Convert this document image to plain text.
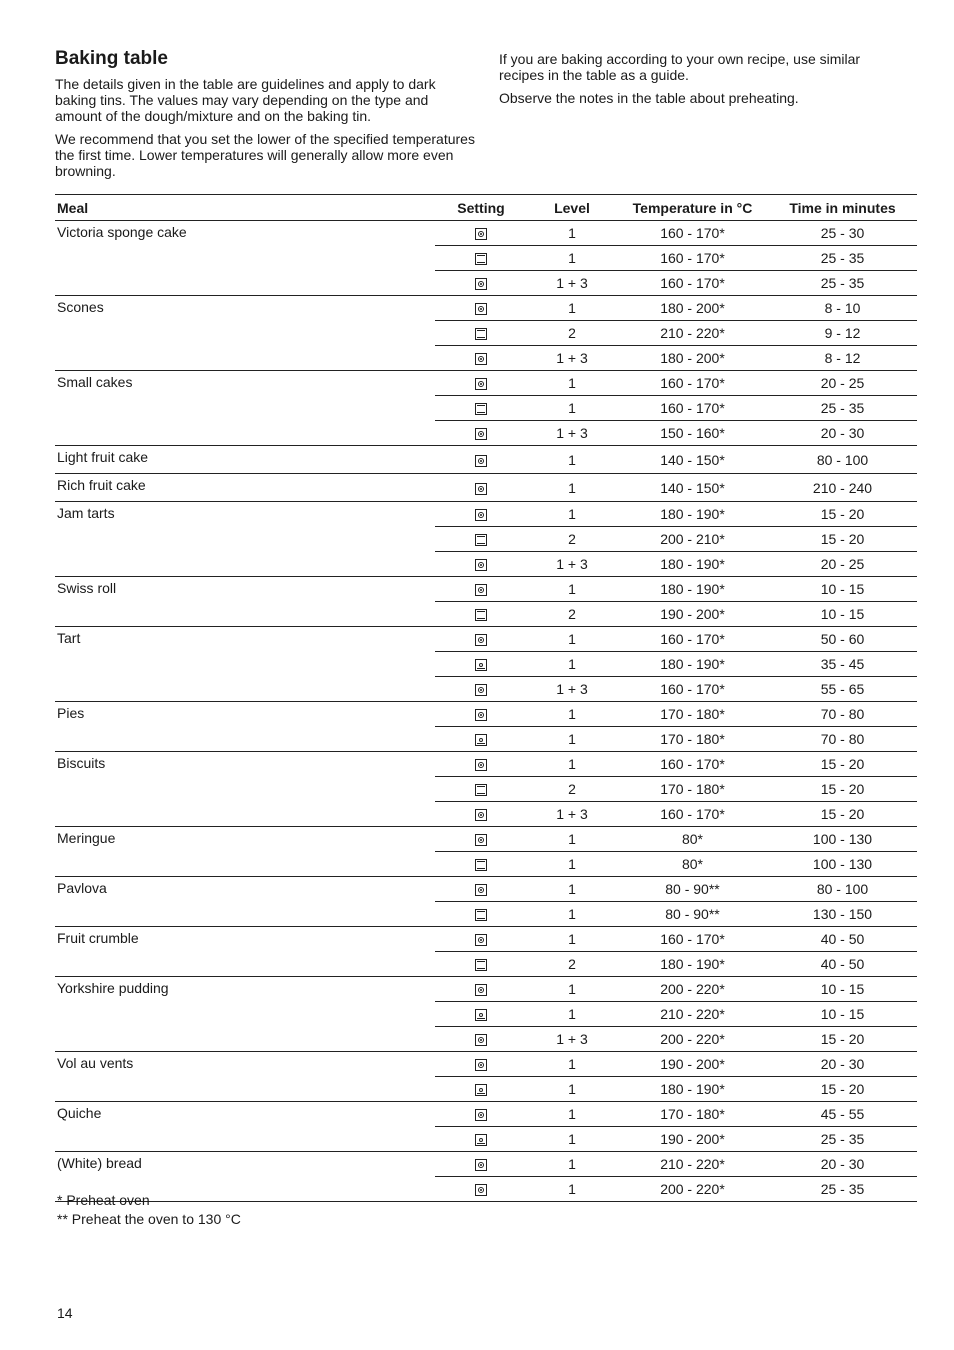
Baking table

The details given in the table are guidelines and apply to dark baking tins. The values may vary depending on the type and amount of the dough/mixture and on the baking tin.

We recommend that you set the lower of the specified temperatures the first time. Lower temperatures will generally allow more even browning.

If you are baking according to your own recipe, use similar recipes in the table as a guide.

Observe the notes in the table about preheating.

Meal	Setting	Level	Temperature in °C	Time in minutes
Victoria sponge cake		1	160 - 170*	25 - 30
		1	160 - 170*	25 - 35
		1 + 3	160 - 170*	25 - 35
Scones		1	180 - 200*	8 - 10
		2	210 - 220*	9 - 12
		1 + 3	180 - 200*	8 - 12
Small cakes		1	160 - 170*	20 - 25
		1	160 - 170*	25 - 35
		1 + 3	150 - 160*	20 - 30
Light fruit cake		1	140 - 150*	80 - 100
Rich fruit cake		1	140 - 150*	210 - 240
Jam tarts		1	180 - 190*	15 - 20
		2	200 - 210*	15 - 20
		1 + 3	180 - 190*	20 - 25
Swiss roll		1	180 - 190*	10 - 15
		2	190 - 200*	10 - 15
Tart		1	160 - 170*	50 - 60
		1	180 - 190*	35 - 45
		1 + 3	160 - 170*	55 - 65
Pies		1	170 - 180*	70 - 80
		1	170 - 180*	70 - 80
Biscuits		1	160 - 170*	15 - 20
		2	170 - 180*	15 - 20
		1 + 3	160 - 170*	15 - 20
Meringue		1	80*	100 - 130
		1	80*	100 - 130
Pavlova		1	80 - 90**	80 - 100
		1	80 - 90**	130 - 150
Fruit crumble		1	160 - 170*	40 - 50
		2	180 - 190*	40 - 50
Yorkshire pudding		1	200 - 220*	10 - 15
		1	210 - 220*	10 - 15
		1 + 3	200 - 220*	15 - 20
Vol au vents		1	190 - 200*	20 - 30
		1	180 - 190*	15 - 20
Quiche		1	170 - 180*	45 - 55
		1	190 - 200*	25 - 35
(White) bread		1	210 - 220*	20 - 30
		1	200 - 220*	25 - 35
* Preheat oven
** Preheat the oven to 130 °C
14
